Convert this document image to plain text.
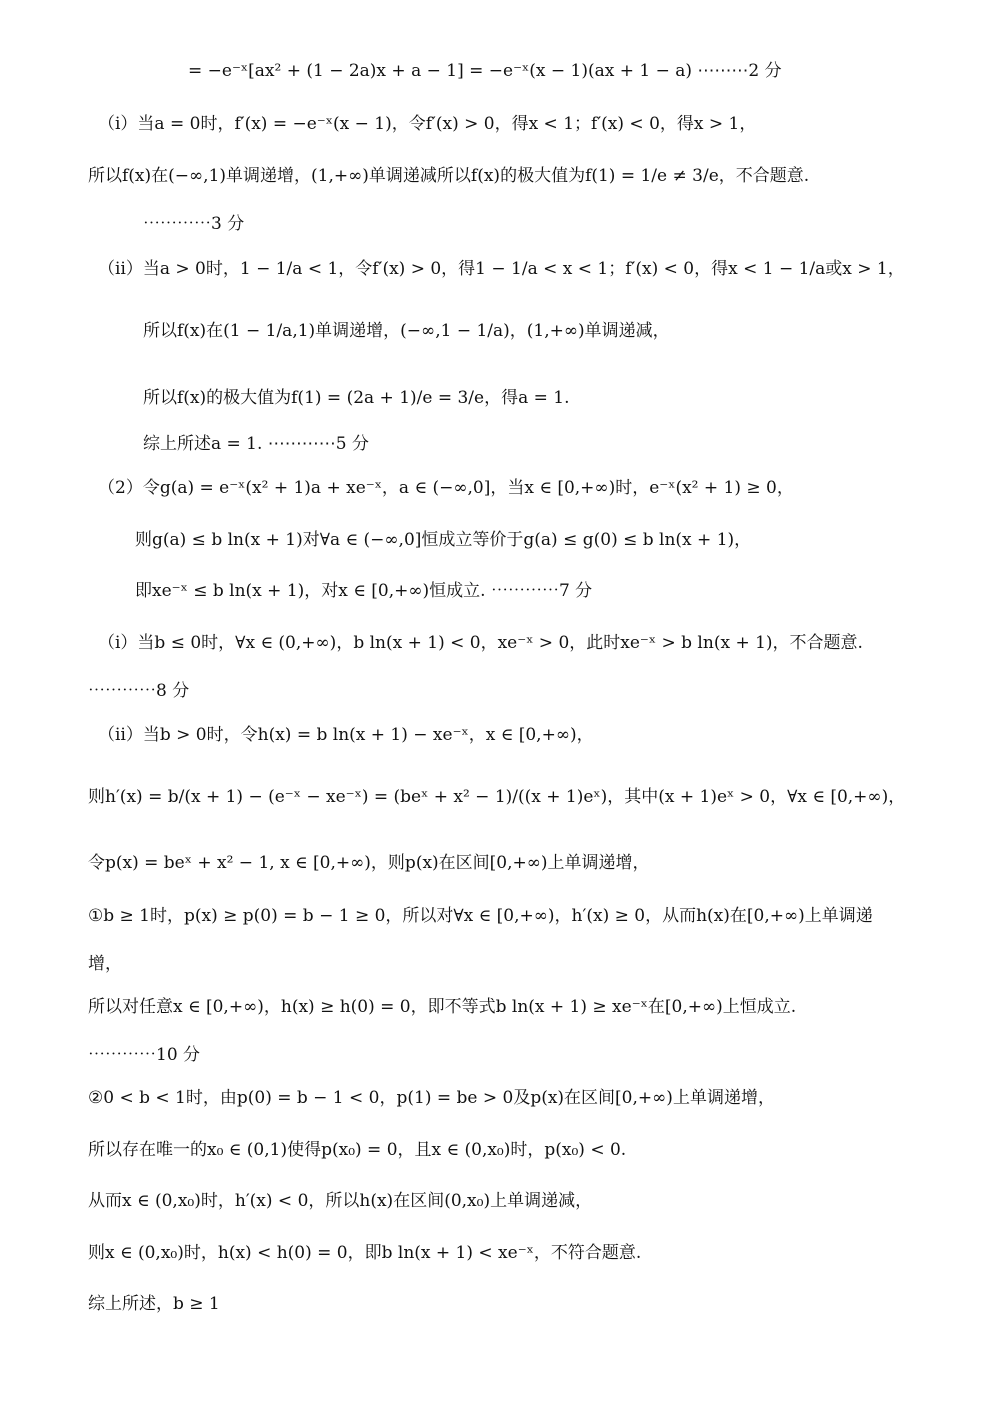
= −e⁻ˣ[ax² + (1 − 2a)x + a − 1] = −e⁻ˣ(x − 1)(ax + 1 − a) ⋯⋯⋯2 分
（ⅰ）当a = 0时，f′(x) = −e⁻ˣ(x − 1)，令f′(x) > 0，得x < 1；f′(x) < 0，得x > 1，
所以f(x)在(−∞,1)单调递增，(1,+∞)单调递减所以f(x)的极大值为f(1) = 1/e ≠ 3/e，不合题意.
⋯⋯⋯⋯3 分
（ⅱ）当a > 0时，1 − 1/a < 1，令f′(x) > 0，得1 − 1/a < x < 1；f′(x) < 0，得x < 1 − 1/a或x > 1，
所以f(x)在(1 − 1/a,1)单调递增，(−∞,1 − 1/a)，(1,+∞)单调递减，
所以f(x)的极大值为f(1) = (2a + 1)/e = 3/e，得a = 1.
综上所述a = 1. ⋯⋯⋯⋯5 分
（2）令g(a) = e⁻ˣ(x² + 1)a + xe⁻ˣ，a ∈ (−∞,0]，当x ∈ [0,+∞)时，e⁻ˣ(x² + 1) ≥ 0，
则g(a) ≤ b ln(x + 1)对∀a ∈ (−∞,0]恒成立等价于g(a) ≤ g(0) ≤ b ln(x + 1)，
即xe⁻ˣ ≤ b ln(x + 1)，对x ∈ [0,+∞)恒成立. ⋯⋯⋯⋯7 分
（ⅰ）当b ≤ 0时，∀x ∈ (0,+∞)，b ln(x + 1) < 0，xe⁻ˣ > 0，此时xe⁻ˣ > b ln(x + 1)，不合题意.
⋯⋯⋯⋯8 分
（ⅱ）当b > 0时，令h(x) = b ln(x + 1) − xe⁻ˣ，x ∈ [0,+∞)，
则h′(x) = b/(x + 1) − (e⁻ˣ − xe⁻ˣ) = (beˣ + x² − 1)/((x + 1)eˣ)，其中(x + 1)eˣ > 0，∀x ∈ [0,+∞)，
令p(x) = beˣ + x² − 1, x ∈ [0,+∞)，则p(x)在区间[0,+∞)上单调递增，
①b ≥ 1时，p(x) ≥ p(0) = b − 1 ≥ 0，所以对∀x ∈ [0,+∞)，h′(x) ≥ 0，从而h(x)在[0,+∞)上单调递
增，
所以对任意x ∈ [0,+∞)，h(x) ≥ h(0) = 0，即不等式b ln(x + 1) ≥ xe⁻ˣ在[0,+∞)上恒成立.
⋯⋯⋯⋯10 分
②0 < b < 1时，由p(0) = b − 1 < 0，p(1) = be > 0及p(x)在区间[0,+∞)上单调递增，
所以存在唯一的x₀ ∈ (0,1)使得p(x₀) = 0，且x ∈ (0,x₀)时，p(x₀) < 0.
从而x ∈ (0,x₀)时，h′(x) < 0，所以h(x)在区间(0,x₀)上单调递减，
则x ∈ (0,x₀)时，h(x) < h(0) = 0，即b ln(x + 1) < xe⁻ˣ，不符合题意.
综上所述，b ≥ 1
